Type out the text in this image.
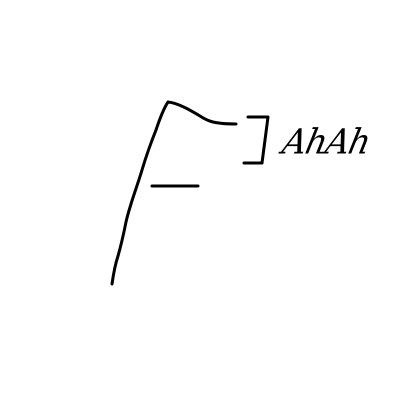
AhAh
